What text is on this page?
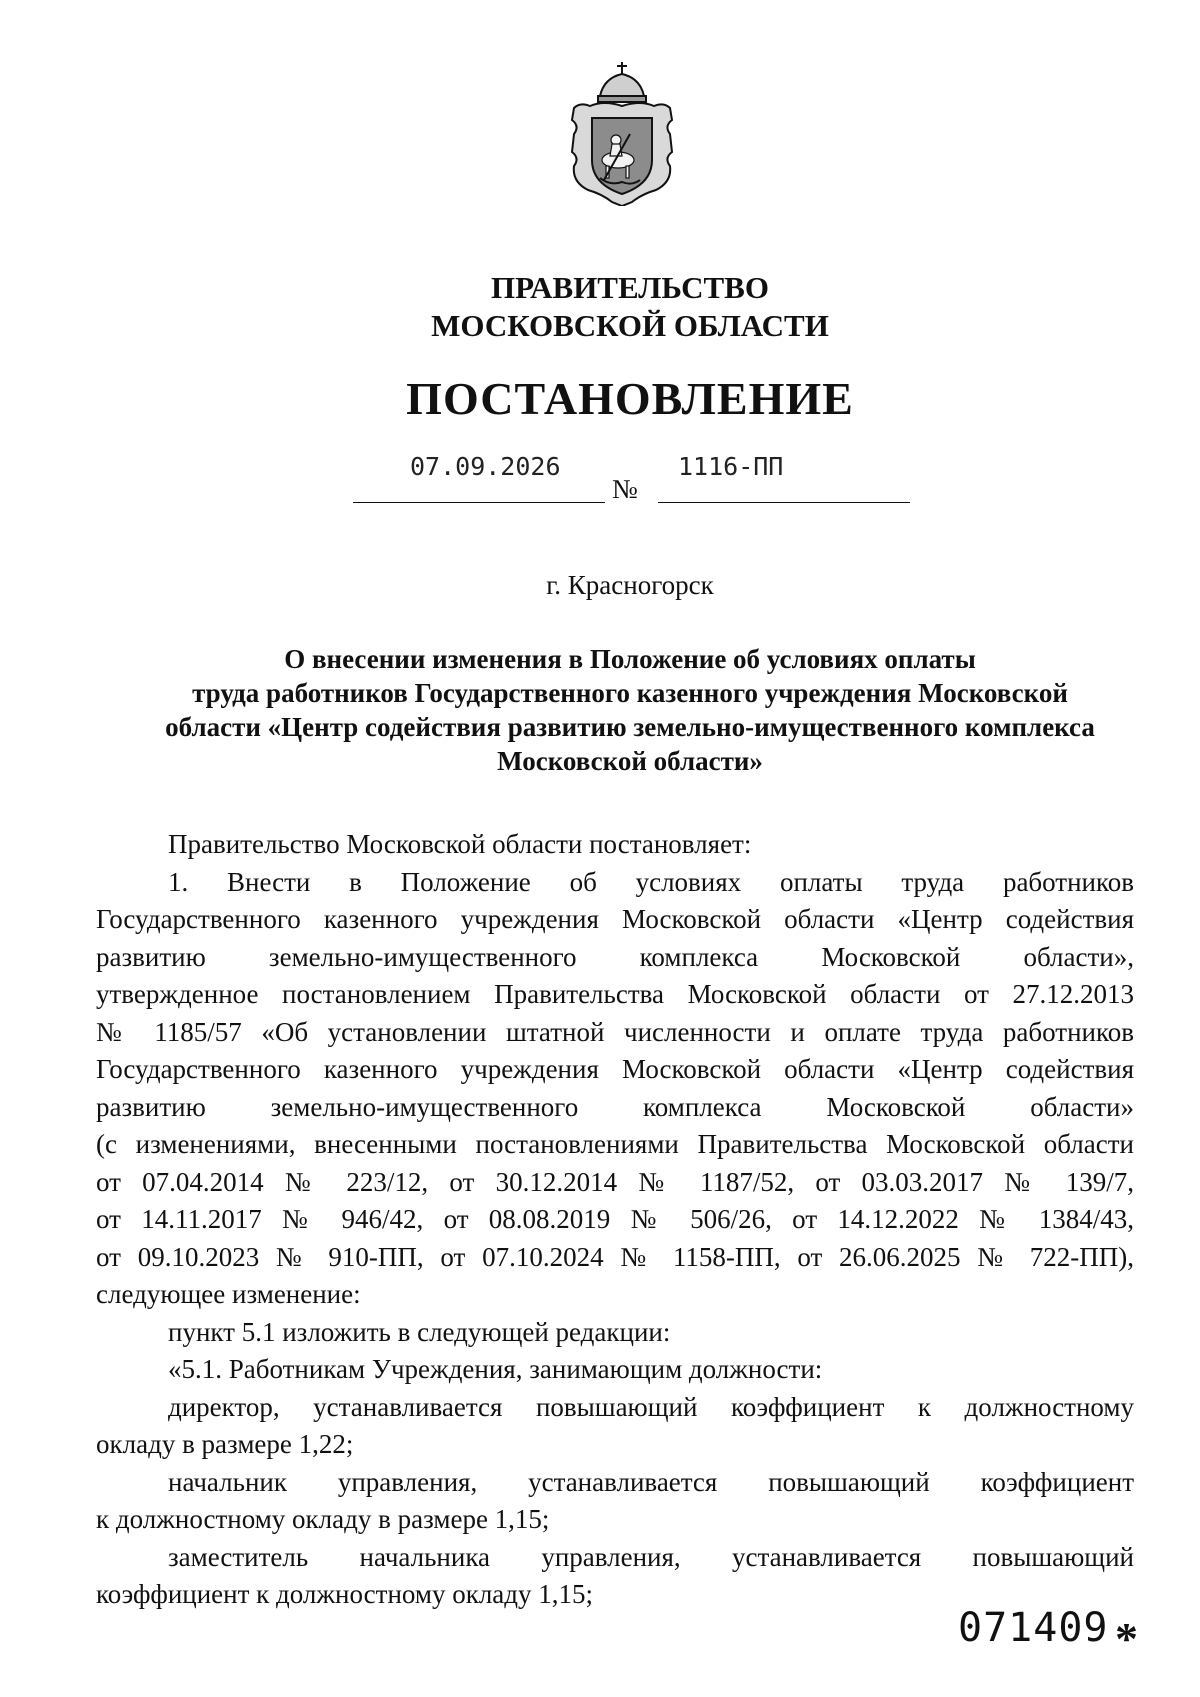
ПРАВИТЕЛЬСТВО
МОСКОВСКОЙ ОБЛАСТИ
ПОСТАНОВЛЕНИЕ
07.09.2026
№
1116-ПП
г. Красногорск
О внесении изменения в Положение об условиях оплаты
труда работников Государственного казенного учреждения Московской
области «Центр содействия развитию земельно-имущественного комплекса
Московской области»

Правительство Московской области постановляет:

1. Внести в Положение об условиях оплаты труда работников

Государственного казенного учреждения Московской области «Центр содействия

развитию земельно-имущественного комплекса Московской области»,

утвержденное постановлением Правительства Московской области от 27.12.2013

№ 1185/57 «Об установлении штатной численности и оплате труда работников

Государственного казенного учреждения Московской области «Центр содействия

развитию земельно-имущественного комплекса Московской области»

(с изменениями, внесенными постановлениями Правительства Московской области

от 07.04.2014 № 223/12, от 30.12.2014 № 1187/52, от 03.03.2017 № 139/7,

от 14.11.2017 № 946/42, от 08.08.2019 № 506/26, от 14.12.2022 № 1384/43,

от 09.10.2023 № 910-ПП, от 07.10.2024 № 1158-ПП, от 26.06.2025 № 722-ПП),

следующее изменение:

пункт 5.1 изложить в следующей редакции:

«5.1. Работникам Учреждения, занимающим должности:

директор, устанавливается повышающий коэффициент к должностному

окладу в размере 1,22;

начальник управления, устанавливается повышающий коэффициент

к должностному окладу в размере 1,15;

заместитель начальника управления, устанавливается повышающий

коэффициент к должностному окладу 1,15;

071409 *
